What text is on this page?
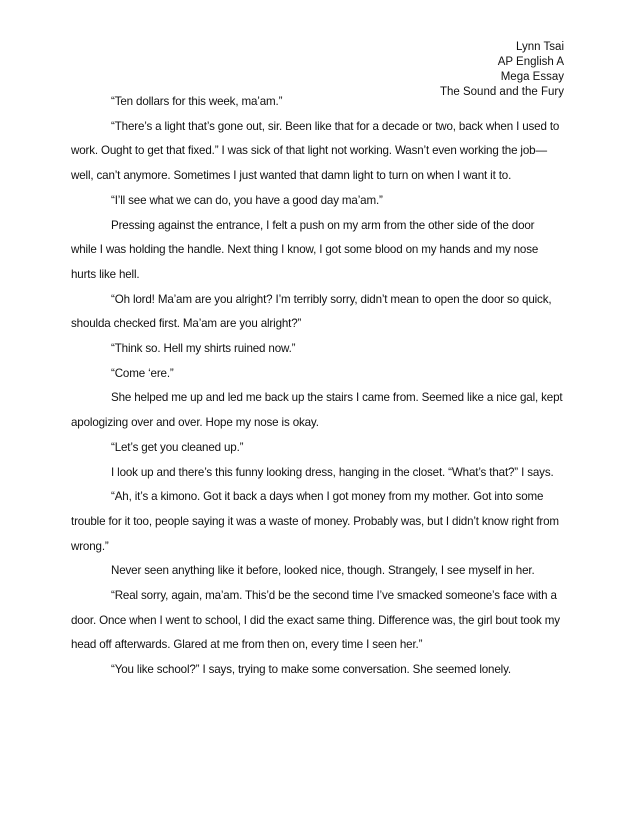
Lynn Tsai
AP English A
Mega Essay
The Sound and the Fury

“Ten dollars for this week, ma’am.”

“There’s a light that’s gone out, sir. Been like that for a decade or two, back when I used to work. Ought to get that fixed.” I was sick of that light not working. Wasn’t even working the job—well, can’t anymore. Sometimes I just wanted that damn light to turn on when I want it to.

“I’ll see what we can do, you have a good day ma’am.”

Pressing against the entrance, I felt a push on my arm from the other side of the door while I was holding the handle. Next thing I know, I got some blood on my hands and my nose hurts like hell.

“Oh lord! Ma’am are you alright? I’m terribly sorry, didn’t mean to open the door so quick, shoulda checked first. Ma’am are you alright?”

“Think so. Hell my shirts ruined now.”

“Come ‘ere.”

She helped me up and led me back up the stairs I came from. Seemed like a nice gal, kept apologizing over and over. Hope my nose is okay.

“Let’s get you cleaned up.”

I look up and there’s this funny looking dress, hanging in the closet. “What’s that?” I says.

“Ah, it’s a kimono. Got it back a days when I got money from my mother. Got into some trouble for it too, people saying it was a waste of money. Probably was, but I didn’t know right from wrong.”

Never seen anything like it before, looked nice, though. Strangely, I see myself in her.

“Real sorry, again, ma’am. This’d be the second time I’ve smacked someone’s face with a door. Once when I went to school, I did the exact same thing. Difference was, the girl bout took my head off afterwards. Glared at me from then on, every time I seen her.”

“You like school?” I says, trying to make some conversation. She seemed lonely.
